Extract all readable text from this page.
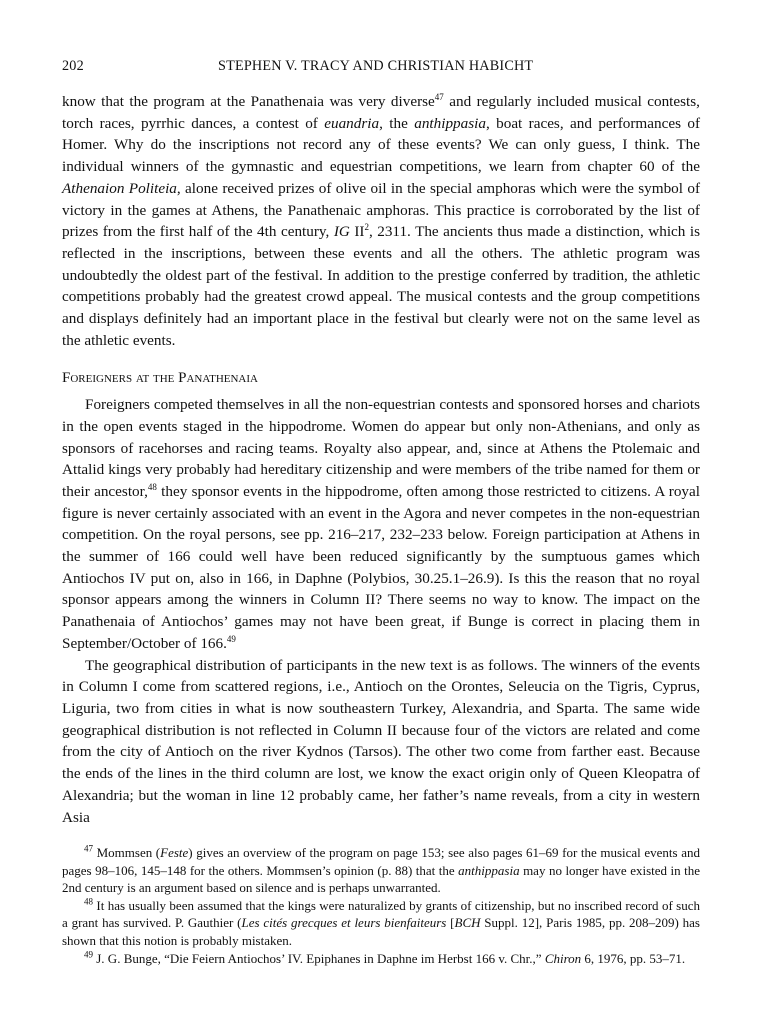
202	STEPHEN V. TRACY AND CHRISTIAN HABICHT

know that the program at the Panathenaia was very diverse$^{47}$ and regularly included musical contests, torch races, pyrrhic dances, a contest of euandria, the anthippasia, boat races, and performances of Homer. Why do the inscriptions not record any of these events? We can only guess, I think. The individual winners of the gymnastic and equestrian competitions, we learn from chapter 60 of the Athenaion Politeia, alone received prizes of olive oil in the special amphoras which were the symbol of victory in the games at Athens, the Panathenaic amphoras. This practice is corroborated by the list of prizes from the first half of the 4th century, IG $II^2$, 2311. The ancients thus made a distinction, which is reflected in the inscriptions, between these events and all the others. The athletic program was undoubtedly the oldest part of the festival. In addition to the prestige conferred by tradition, the athletic competitions probably had the greatest crowd appeal. The musical contests and the group competitions and displays definitely had an important place in the festival but clearly were not on the same level as the athletic events.

Foreigners at the Panathenaia

Foreigners competed themselves in all the non-equestrian contests and sponsored horses and chariots in the open events staged in the hippodrome. Women do appear but only non-Athenians, and only as sponsors of racehorses and racing teams. Royalty also appear, and, since at Athens the Ptolemaic and Attalid kings very probably had hereditary citizenship and were members of the tribe named for them or their ancestor,$^{48}$ they sponsor events in the hippodrome, often among those restricted to citizens. A royal figure is never certainly associated with an event in the Agora and never competes in the non-equestrian competition. On the royal persons, see pp. 216–217, 232–233 below. Foreign participation at Athens in the summer of 166 could well have been reduced significantly by the sumptuous games which Antiochos IV put on, also in 166, in Daphne (Polybios, 30.25.1–26.9). Is this the reason that no royal sponsor appears among the winners in Column II? There seems no way to know. The impact on the Panathenaia of Antiochos’ games may not have been great, if Bunge is correct in placing them in September/October of 166.49

The geographical distribution of participants in the new text is as follows. The winners of the events in Column I come from scattered regions, i.e., Antioch on the Orontes, Seleucia on the Tigris, Cyprus, Liguria, two from cities in what is now southeastern Turkey, Alexandria, and Sparta. The same wide geographical distribution is not reflected in Column II because four of the victors are related and come from the city of Antioch on the river Kydnos (Tarsos). The other two come from farther east. Because the ends of the lines in the third column are lost, we know the exact origin only of Queen Kleopatra of Alexandria; but the woman in line 12 probably came, her father’s name reveals, from a city in western Asia

$^{47}$ Mommsen (Feste) gives an overview of the program on page 153; see also pages 61–69 for the musical events and pages 98–106, 145–148 for the others. Mommsen’s opinion (p. 88) that the anthippasia may no longer have existed in the 2nd century is an argument based on silence and is perhaps unwarranted.

$^{48}$ It has usually been assumed that the kings were naturalized by grants of citizenship, but no inscribed record of such a grant has survived. P. Gauthier (Les cités grecques et leurs bienfaiteurs [BCH Suppl. 12], Paris 1985, pp. 208–209) has shown that this notion is probably mistaken.

$^{49}$ J. G. Bunge, “Die Feiern Antiochos’ IV. Epiphanes in Daphne im Herbst 166 v. Chr.,” Chiron 6, 1976, pp. 53–71.
